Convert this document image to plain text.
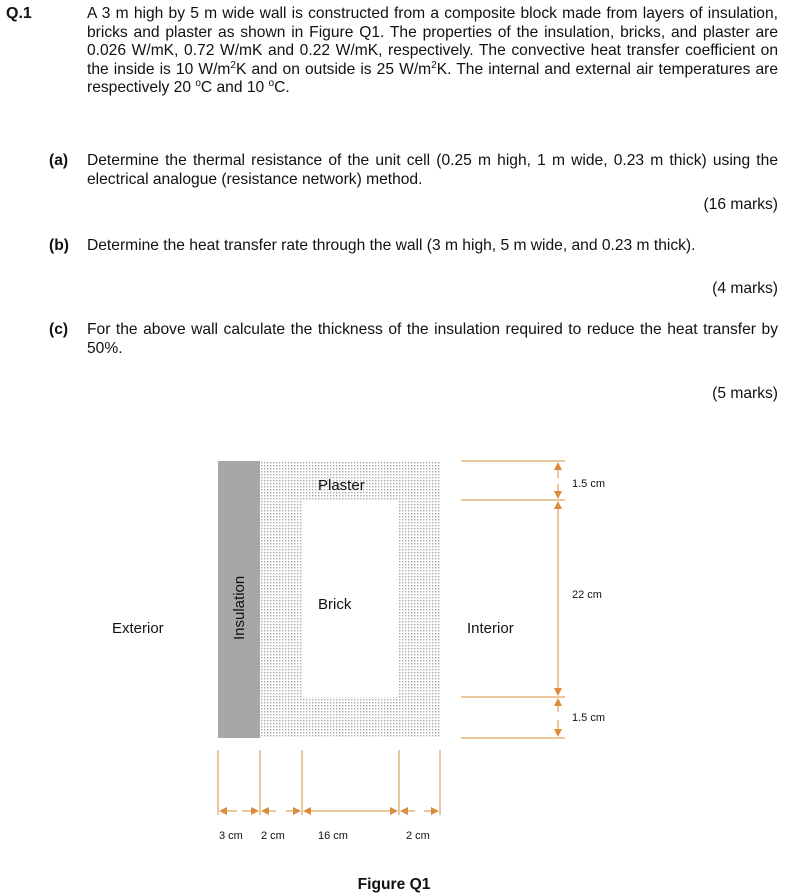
Q.1	A 3 m high by 5 m wide wall is constructed from a composite block made from layers of insulation, bricks and plaster as shown in Figure Q1. The properties of the insulation, bricks, and plaster are 0.026 W/mK, 0.72 W/mK and 0.22 W/mK, respectively. The convective heat transfer coefficient on the inside is 10 $W/m^2K$ and on outside is 25 $W/m^2K$. The internal and external air temperatures are respectively 20 $^o$C and 10 $^o$C.
(a) Determine the thermal resistance of the unit cell (0.25 m high, 1 m wide, 0.23 m thick) using the electrical analogue (resistance network) method.
(16 marks)
(b) Determine the heat transfer rate through the wall (3 m high, 5 m wide, and 0.23 m thick).
(4 marks)
(c) For the above wall calculate the thickness of the insulation required to reduce the heat transfer by 50%.
(5 marks)
Plaster
Brick
Insulation
Exterior	Interior
1.5 cm
22 cm
1.5 cm
3 cm 2 cm	16 cm	2 cm
Figure Q1
